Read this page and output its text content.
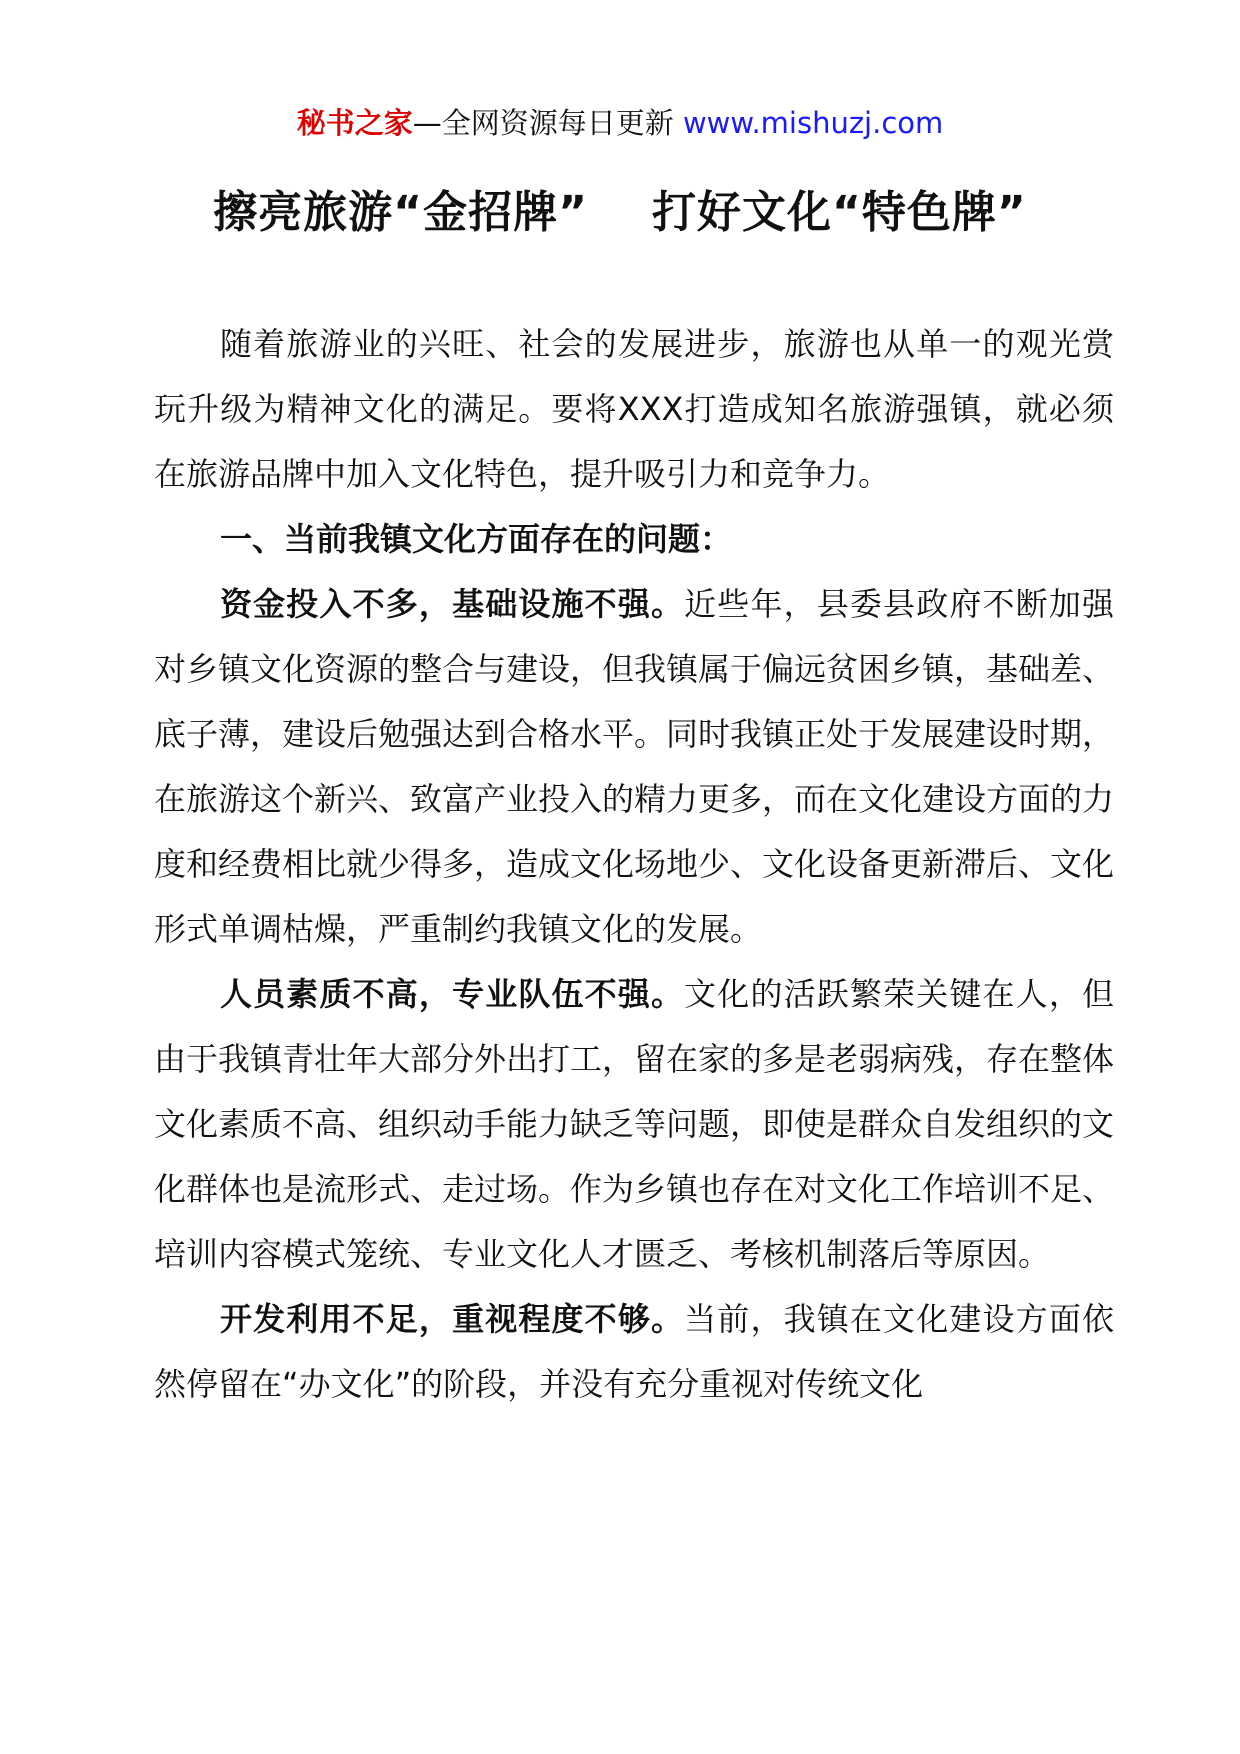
秘书之家—全网资源每日更新 www.mishuzj.com
擦亮旅游“金招牌” 打好文化“特色牌”

随着旅游业的兴旺、社会的发展进步，旅游也从单一的观光赏玩升级为精神文化的满足。要将XXX打造成知名旅游强镇，就必须在旅游品牌中加入文化特色，提升吸引力和竞争力。

一、当前我镇文化方面存在的问题：

资金投入不多，基础设施不强。近些年，县委县政府不断加强对乡镇文化资源的整合与建设，但我镇属于偏远贫困乡镇，基础差、底子薄，建设后勉强达到合格水平。同时我镇正处于发展建设时期，在旅游这个新兴、致富产业投入的精力更多，而在文化建设方面的力度和经费相比就少得多，造成文化场地少、文化设备更新滞后、文化形式单调枯燥，严重制约我镇文化的发展。

人员素质不高，专业队伍不强。文化的活跃繁荣关键在人，但由于我镇青壮年大部分外出打工，留在家的多是老弱病残，存在整体文化素质不高、组织动手能力缺乏等问题，即使是群众自发组织的文化群体也是流形式、走过场。作为乡镇也存在对文化工作培训不足、培训内容模式笼统、专业文化人才匮乏、考核机制落后等原因。

开发利用不足，重视程度不够。当前，我镇在文化建设方面依然停留在“办文化”的阶段，并没有充分重视对传统文化
